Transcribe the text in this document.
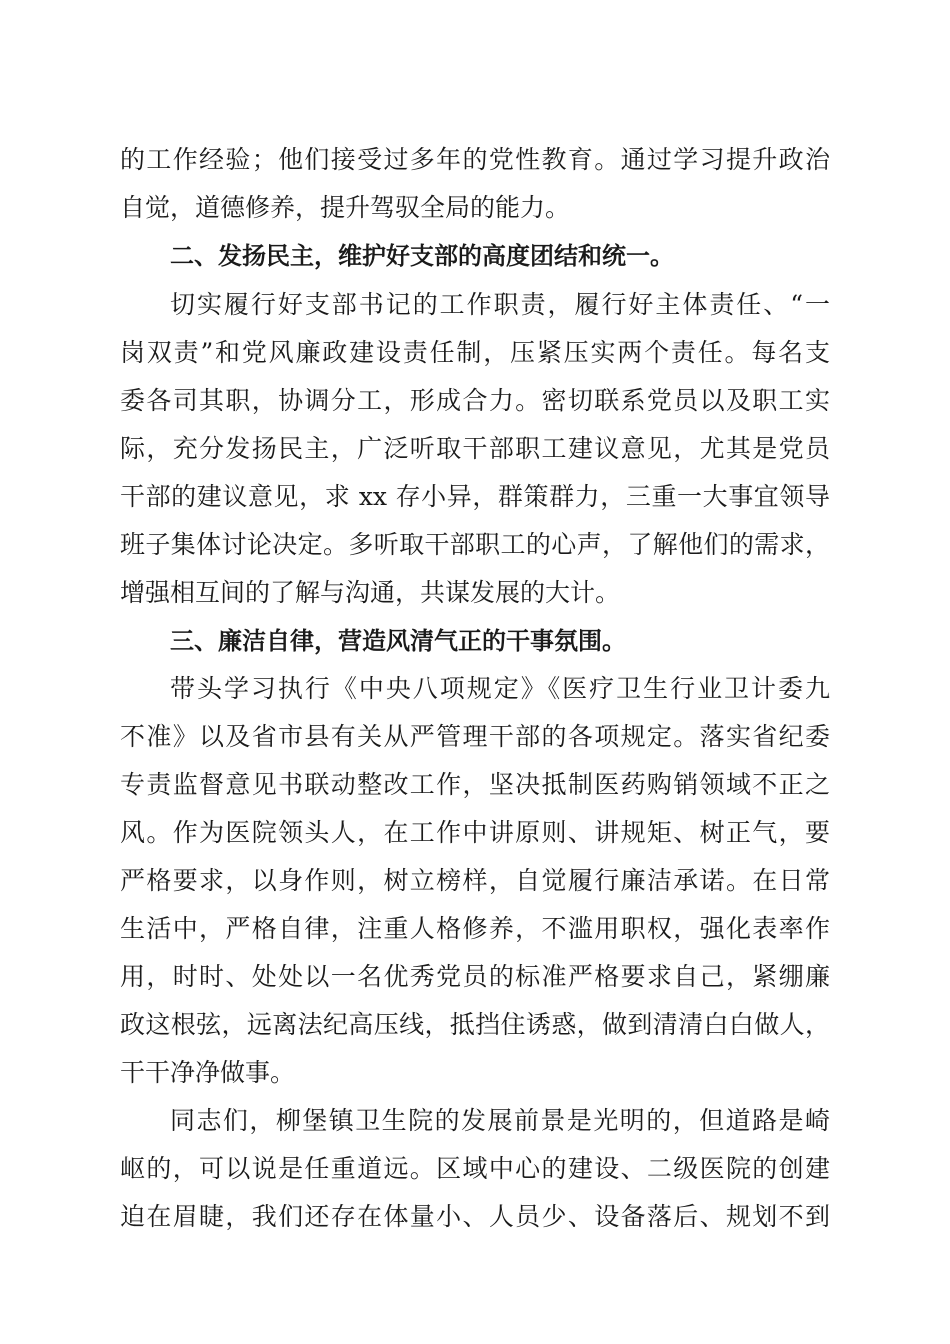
的工作经验；他们接受过多年的党性教育。通过学习提升政治
自觉，道德修养，提升驾驭全局的能力。
二、发扬民主，维护好支部的高度团结和统一。
切实履行好支部书记的工作职责，履行好主体责任、“一
岗双责”和党风廉政建设责任制，压紧压实两个责任。每名支
委各司其职，协调分工，形成合力。密切联系党员以及职工实
际，充分发扬民主，广泛听取干部职工建议意见，尤其是党员
干部的建议意见，求 xx 存小异，群策群力，三重一大事宜领导
班子集体讨论决定。多听取干部职工的心声，了解他们的需求，
增强相互间的了解与沟通，共谋发展的大计。
三、廉洁自律，营造风清气正的干事氛围。
带头学习执行《中央八项规定》《医疗卫生行业卫计委九
不准》以及省市县有关从严管理干部的各项规定。落实省纪委
专责监督意见书联动整改工作，坚决抵制医药购销领域不正之
风。作为医院领头人，在工作中讲原则、讲规矩、树正气，要
严格要求，以身作则，树立榜样，自觉履行廉洁承诺。在日常
生活中，严格自律，注重人格修养，不滥用职权，强化表率作
用，时时、处处以一名优秀党员的标准严格要求自己，紧绷廉
政这根弦，远离法纪高压线，抵挡住诱惑，做到清清白白做人，
干干净净做事。
同志们，柳堡镇卫生院的发展前景是光明的，但道路是崎
岖的，可以说是任重道远。区域中心的建设、二级医院的创建
迫在眉睫，我们还存在体量小、人员少、设备落后、规划不到
